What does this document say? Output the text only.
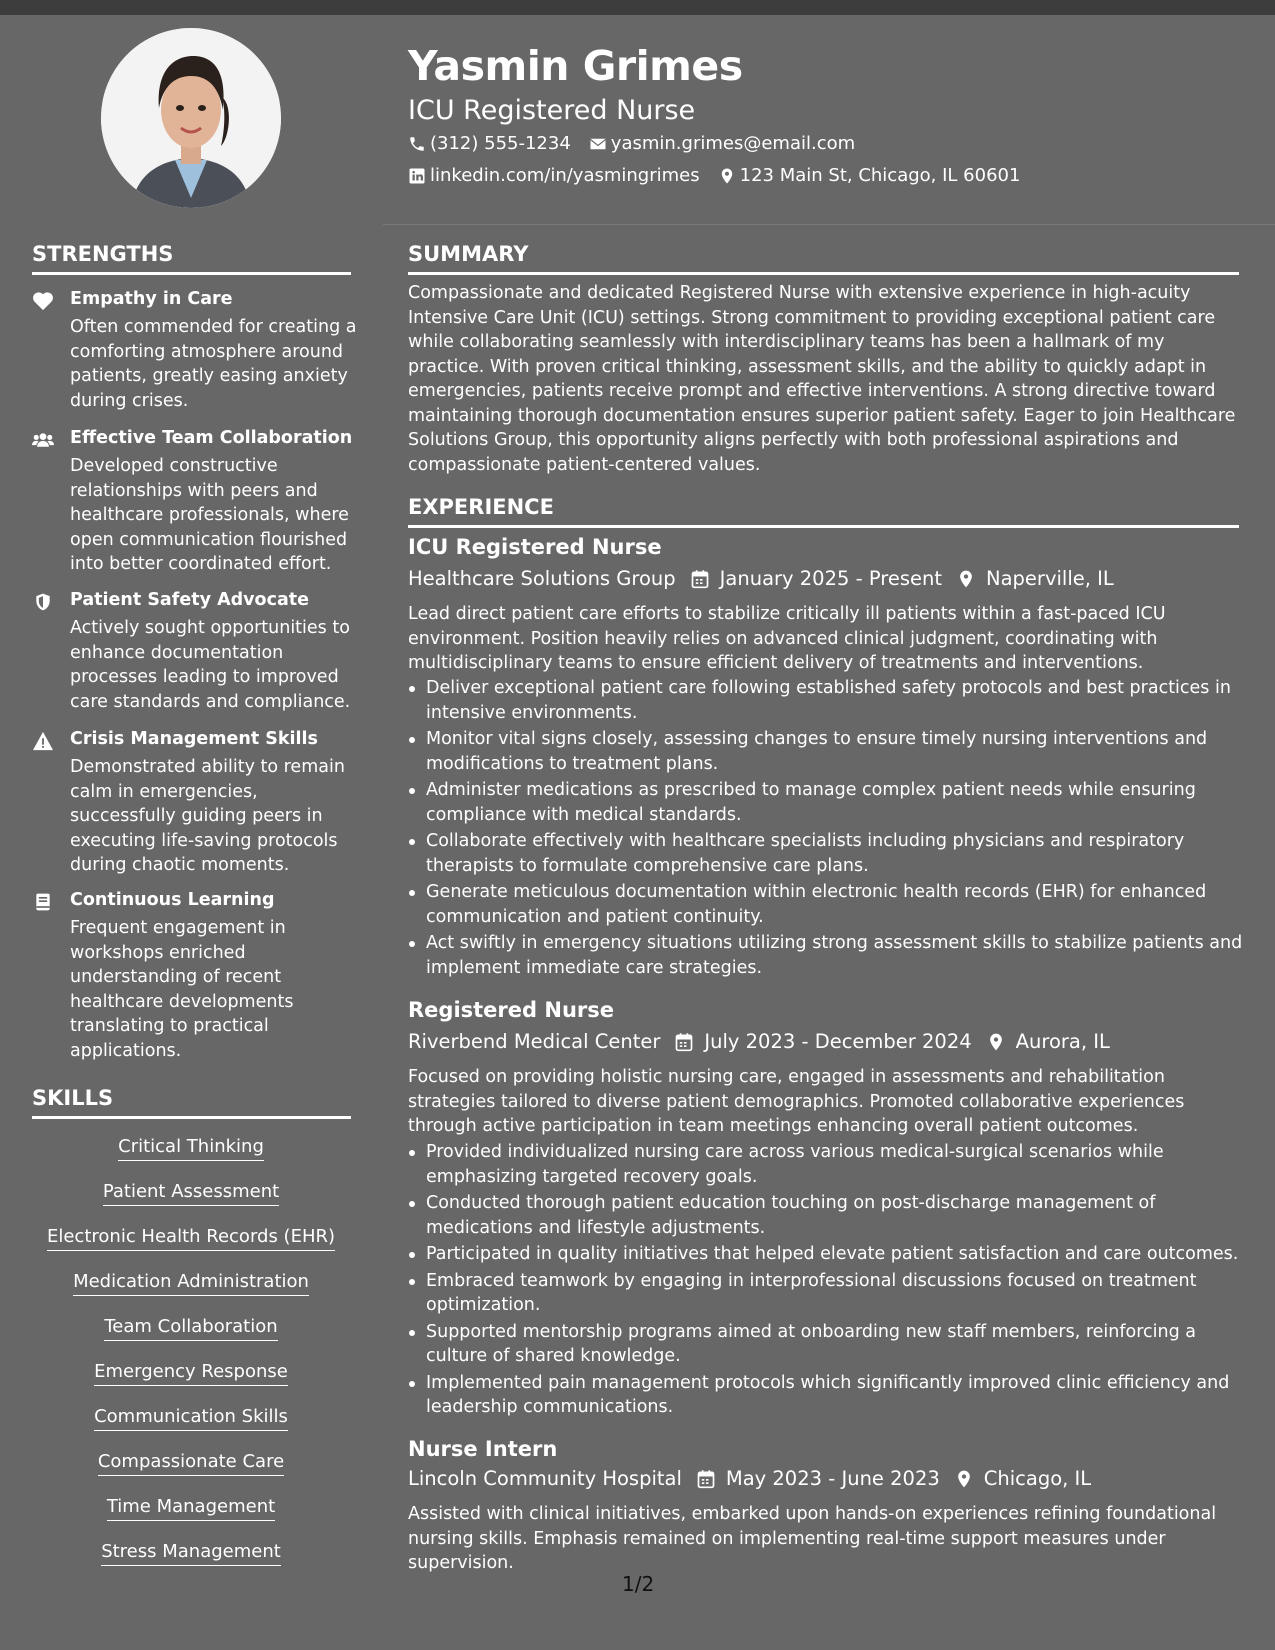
Yasmin Grimes
ICU Registered Nurse
(312) 555-1234 yasmin.grimes@email.com
linkedin.com/in/yasmingrimes 123 Main St, Chicago, IL 60601
STRENGTHS
Empathy in Care
Often commended for creating a comforting atmosphere around patients, greatly easing anxiety during crises.
Effective Team Collaboration
Developed constructive relationships with peers and healthcare professionals, where open communication flourished into better coordinated effort.
Patient Safety Advocate
Actively sought opportunities to enhance documentation processes leading to improved care standards and compliance.
Crisis Management Skills
Demonstrated ability to remain calm in emergencies, successfully guiding peers in executing life-saving protocols during chaotic moments.
Continuous Learning
Frequent engagement in workshops enriched understanding of recent healthcare developments translating to practical applications.
SKILLS
Critical Thinking
Patient Assessment
Electronic Health Records (EHR)
Medication Administration
Team Collaboration
Emergency Response
Communication Skills
Compassionate Care
Time Management
Stress Management
SUMMARY
Compassionate and dedicated Registered Nurse with extensive experience in high-acuity Intensive Care Unit (ICU) settings. Strong commitment to providing exceptional patient care while collaborating seamlessly with interdisciplinary teams has been a hallmark of my practice. With proven critical thinking, assessment skills, and the ability to quickly adapt in emergencies, patients receive prompt and effective interventions. A strong directive toward maintaining thorough documentation ensures superior patient safety. Eager to join Healthcare Solutions Group, this opportunity aligns perfectly with both professional aspirations and compassionate patient-centered values.
EXPERIENCE
ICU Registered Nurse
Healthcare Solutions Group January 2025 - Present Naperville, IL
Lead direct patient care efforts to stabilize critically ill patients within a fast-paced ICU environment. Position heavily relies on advanced clinical judgment, coordinating with multidisciplinary teams to ensure efficient delivery of treatments and interventions.
Deliver exceptional patient care following established safety protocols and best practices in intensive environments.
Monitor vital signs closely, assessing changes to ensure timely nursing interventions and modifications to treatment plans.
Administer medications as prescribed to manage complex patient needs while ensuring compliance with medical standards.
Collaborate effectively with healthcare specialists including physicians and respiratory therapists to formulate comprehensive care plans.
Generate meticulous documentation within electronic health records (EHR) for enhanced communication and patient continuity.
Act swiftly in emergency situations utilizing strong assessment skills to stabilize patients and implement immediate care strategies.
Registered Nurse
Riverbend Medical Center July 2023 - December 2024 Aurora, IL
Focused on providing holistic nursing care, engaged in assessments and rehabilitation strategies tailored to diverse patient demographics. Promoted collaborative experiences through active participation in team meetings enhancing overall patient outcomes.
Provided individualized nursing care across various medical-surgical scenarios while emphasizing targeted recovery goals.
Conducted thorough patient education touching on post-discharge management of medications and lifestyle adjustments.
Participated in quality initiatives that helped elevate patient satisfaction and care outcomes.
Embraced teamwork by engaging in interprofessional discussions focused on treatment optimization.
Supported mentorship programs aimed at onboarding new staff members, reinforcing a culture of shared knowledge.
Implemented pain management protocols which significantly improved clinic efficiency and leadership communications.
Nurse Intern
Lincoln Community Hospital May 2023 - June 2023 Chicago, IL
Assisted with clinical initiatives, embarked upon hands-on experiences refining foundational nursing skills. Emphasis remained on implementing real-time support measures under supervision.
1/2
